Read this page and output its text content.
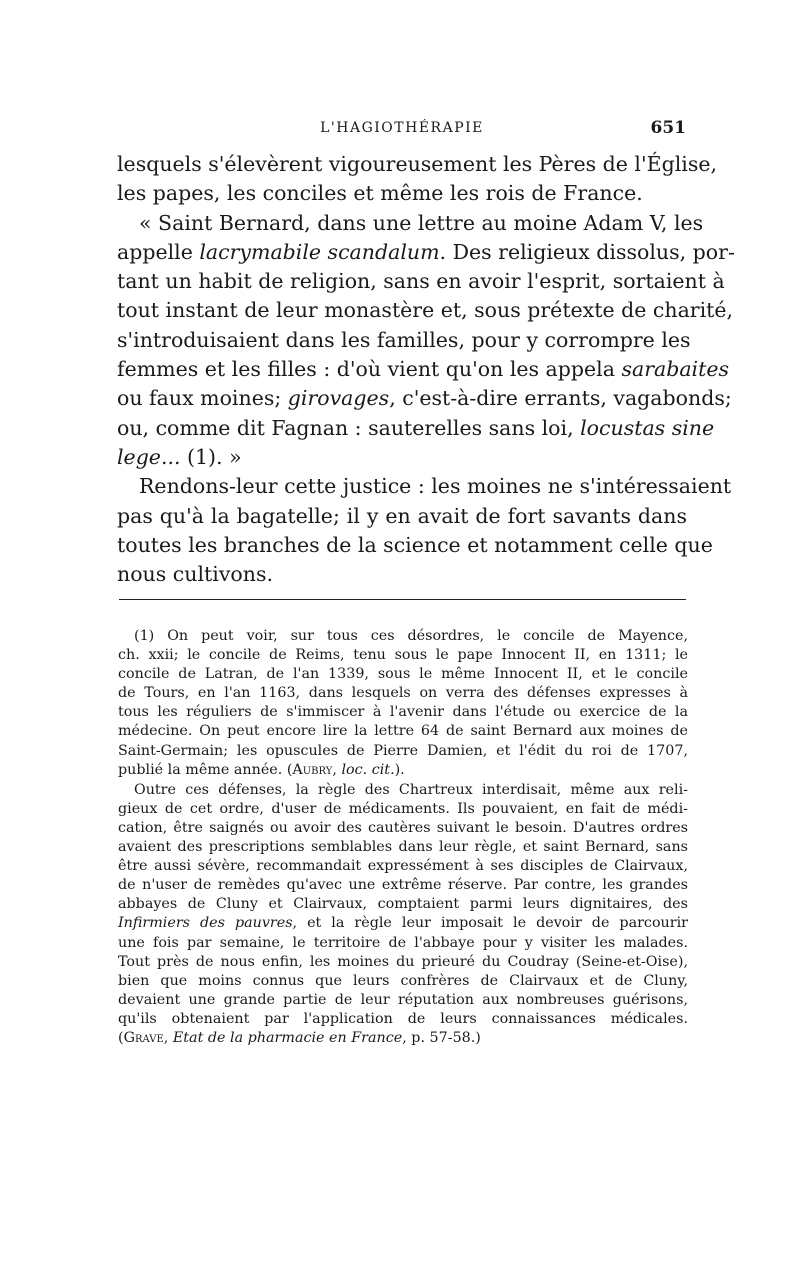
L'HAGIOTHÉRAPIE	651

lesquels s'élevèrent vigoureusement les Pères de l'Église,
les papes, les conciles et même les rois de France.

« Saint Bernard, dans une lettre au moine Adam V, les
appelle lacrymabile scandalum. Des religieux dissolus, por-
tant un habit de religion, sans en avoir l'esprit, sortaient à
tout instant de leur monastère et, sous prétexte de charité,
s'introduisaient dans les familles, pour y corrompre les
femmes et les filles : d'où vient qu'on les appela sarabaites
ou faux moines; girovages, c'est-à-dire errants, vagabonds;
ou, comme dit Fagnan : sauterelles sans loi, locustas sine
lege... (1). »

Rendons-leur cette justice : les moines ne s'intéressaient
pas qu'à la bagatelle; il y en avait de fort savants dans
toutes les branches de la science et notamment celle que
nous cultivons.

(1) On peut voir, sur tous ces désordres, le concile de Mayence,
ch. xxii; le concile de Reims, tenu sous le pape Innocent II, en 1311; le
concile de Latran, de l'an 1339, sous le même Innocent II, et le concile
de Tours, en l'an 1163, dans lesquels on verra des défenses expresses à
tous les réguliers de s'immiscer à l'avenir dans l'étude ou exercice de la
médecine. On peut encore lire la lettre 64 de saint Bernard aux moines de
Saint-Germain; les opuscules de Pierre Damien, et l'édit du roi de 1707,
publié la même année. (Aubry, loc. cit.).

Outre ces défenses, la règle des Chartreux interdisait, même aux reli-
gieux de cet ordre, d'user de médicaments. Ils pouvaient, en fait de médi-
cation, être saignés ou avoir des cautères suivant le besoin. D'autres ordres
avaient des prescriptions semblables dans leur règle, et saint Bernard, sans
être aussi sévère, recommandait expressément à ses disciples de Clairvaux,
de n'user de remèdes qu'avec une extrême réserve. Par contre, les grandes
abbayes de Cluny et Clairvaux, comptaient parmi leurs dignitaires, des
Infirmiers des pauvres, et la règle leur imposait le devoir de parcourir
une fois par semaine, le territoire de l'abbaye pour y visiter les malades.
Tout près de nous enfin, les moines du prieuré du Coudray (Seine-et-Oise),
bien que moins connus que leurs confrères de Clairvaux et de Cluny,
devaient une grande partie de leur réputation aux nombreuses guérisons,
qu'ils obtenaient par l'application de leurs connaissances médicales.
(Grave, Etat de la pharmacie en France, p. 57-58.)
